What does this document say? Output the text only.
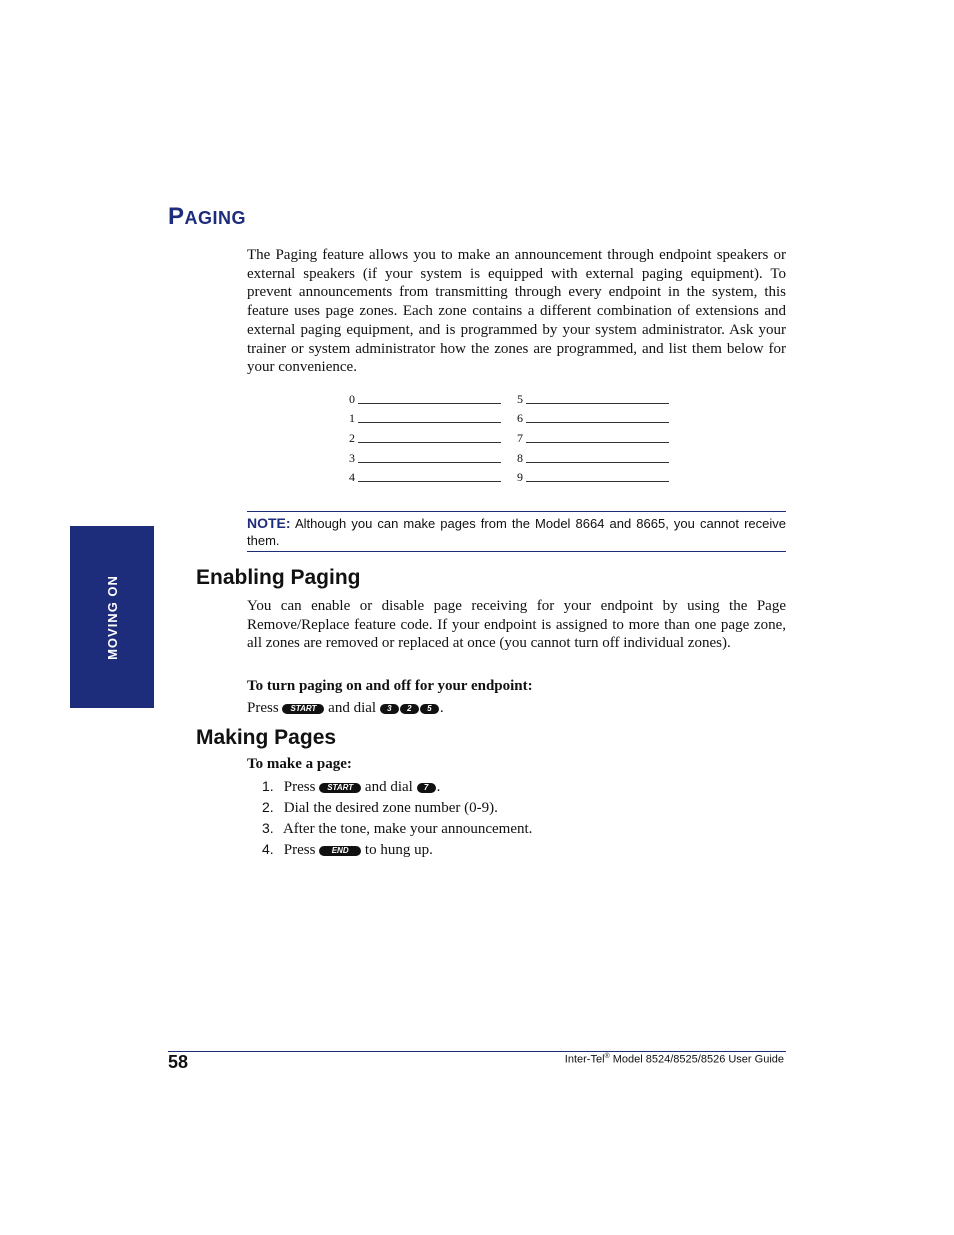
MOVING ON
PAGING

The Paging feature allows you to make an announcement through endpoint speakers or external speakers (if your system is equipped with external paging equipment). To prevent announcements from transmitting through every endpoint in the system, this feature uses page zones. Each zone contains a different combination of extensions and external paging equipment, and is programmed by your system administrator. Ask your trainer or system administrator how the zones are programmed, and list them below for your convenience.

0
1
2
3
4
5
6
7
8
9
NOTE: Although you can make pages from the Model 8664 and 8665, you cannot receive them.
Enabling Paging

You can enable or disable page receiving for your endpoint by using the Page Remove/Replace feature code. If your endpoint is assigned to more than one page zone, all zones are removed or replaced at once (you cannot turn off individual zones).

To turn paging on and off for your endpoint:

Press START and dial 3 2 5 .

Making Pages

To make a page:

1. Press START and dial 7 .

2. Dial the desired zone number (0-9).

3. After the tone, make your announcement.

4. Press END to hung up.

58	Inter-Tel® Model 8524/8525/8526 User Guide
